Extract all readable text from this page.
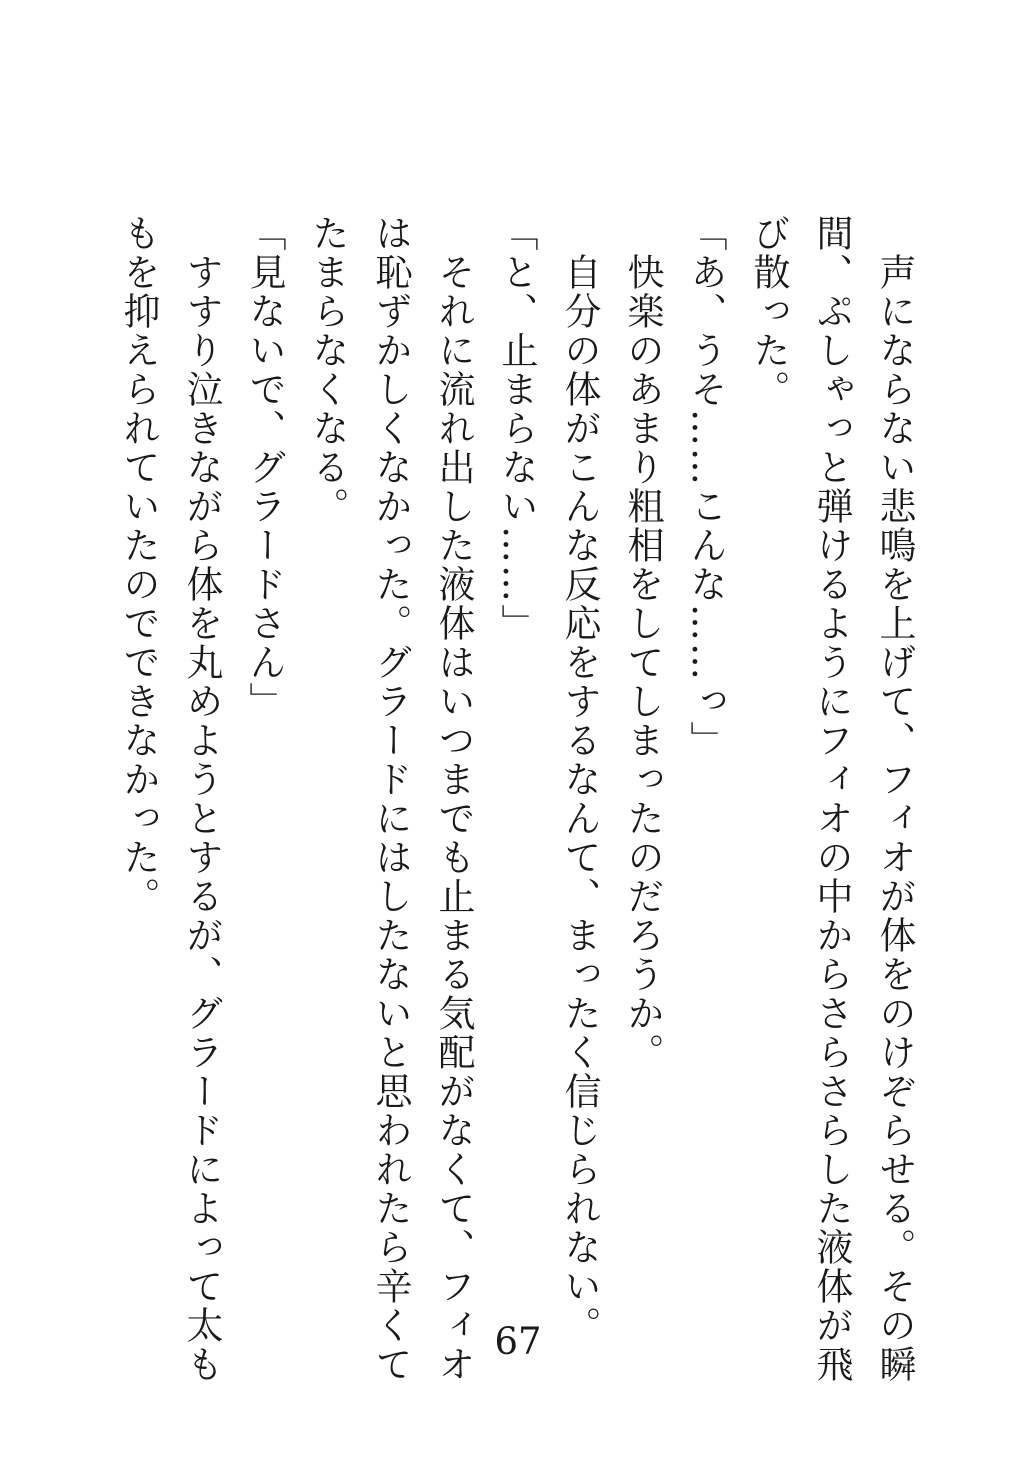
　声にならない悲鳴を上げて、フィオが体をのけぞらせる。その瞬
間、ぷしゃっと弾けるようにフィオの中からさらさらした液体が飛
び散った。
「あ、うそ……こんな……っ」
　快楽のあまり粗相をしてしまったのだろうか。
　自分の体がこんな反応をするなんて、まったく信じられない。
「と、止まらない……」
　それに流れ出した液体はいつまでも止まる気配がなくて、フィオ
は恥ずかしくなかった。グラードにはしたないと思われたら辛くて
たまらなくなる。
「見ないで、グラードさん」
　すすり泣きながら体を丸めようとするが、グラードによって太も
もを抑えられていたのでできなかった。
67
